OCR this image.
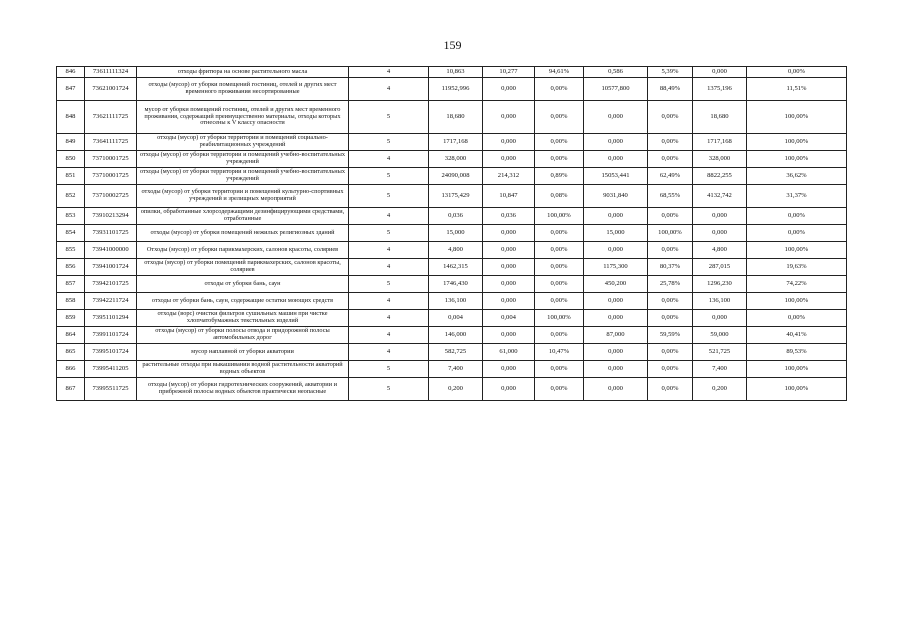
159
846	73611111324	отходы фритюра на основе растительного масла	4	10,863	10,277	94,61%	0,586	5,39%	0,000	0,00%
847	73621001724	отходы (мусор) от уборки помещений гостиниц, отелей и других мест временного проживания несортированные	4	11952,996	0,000	0,00%	10577,800	88,49%	1375,196	11,51%
848	73621111725	мусор от уборки помещений гостиниц, отелей и других мест временного проживания, содержащий преимущественно материалы, отходы которых отнесены к V классу опасности	5	18,680	0,000	0,00%	0,000	0,00%	18,680	100,00%
849	73641111725	отходы (мусор) от уборки территории и помещений социально-реабилитационных учреждений	5	1717,168	0,000	0,00%	0,000	0,00%	1717,168	100,00%
850	73710001725	отходы (мусор) от уборки территории и помещений учебно-воспитательных учреждений	4	328,000	0,000	0,00%	0,000	0,00%	328,000	100,00%
851	73710001725	отходы (мусор) от уборки территории и помещений учебно-воспитательных учреждений	5	24090,008	214,312	0,89%	15053,441	62,49%	8822,255	36,62%
852	73710002725	отходы (мусор) от уборки территории и помещений культурно-спортивных учреждений и зрелищных мероприятий	5	13175,429	10,847	0,08%	9031,840	68,55%	4132,742	31,37%
853	73910213294	опилки, обработанные хлорсодержащими дезинфицирующими средствами, отработанные	4	0,036	0,036	100,00%	0,000	0,00%	0,000	0,00%
854	73931101725	отходы (мусор) от уборки помещений нежилых религиозных зданий	5	15,000	0,000	0,00%	15,000	100,00%	0,000	0,00%
855	73941000000	Отходы (мусор) от уборки парикмахерских, салонов красоты, соляриев	4	4,800	0,000	0,00%	0,000	0,00%	4,800	100,00%
856	73941001724	отходы (мусор) от уборки помещений парикмахерских, салонов красоты, соляриев	4	1462,315	0,000	0,00%	1175,300	80,37%	287,015	19,63%
857	73942101725	отходы от уборки бань, саун	5	1746,430	0,000	0,00%	450,200	25,78%	1296,230	74,22%
858	73942211724	отходы от уборки бань, саун, содержащие остатки моющих средств	4	136,100	0,000	0,00%	0,000	0,00%	136,100	100,00%
859	73951101294	отходы (ворс) очистки фильтров сушильных машин при чистке хлопчатобумажных текстильных изделий	4	0,004	0,004	100,00%	0,000	0,00%	0,000	0,00%
864	73991101724	отходы (мусор) от уборки полосы отвода и придорожной полосы автомобильных дорог	4	146,000	0,000	0,00%	87,000	59,59%	59,000	40,41%
865	73995101724	мусор наплавной от уборки акватории	4	582,725	61,000	10,47%	0,000	0,00%	521,725	89,53%
866	73995411205	растительные отходы при выкашивании водной растительности акваторий водных объектов	5	7,400	0,000	0,00%	0,000	0,00%	7,400	100,00%
867	73995511725	отходы (мусор) от уборки гидротехнических сооружений, акватории и прибрежной полосы водных объектов практически неопасные	5	0,200	0,000	0,00%	0,000	0,00%	0,200	100,00%
